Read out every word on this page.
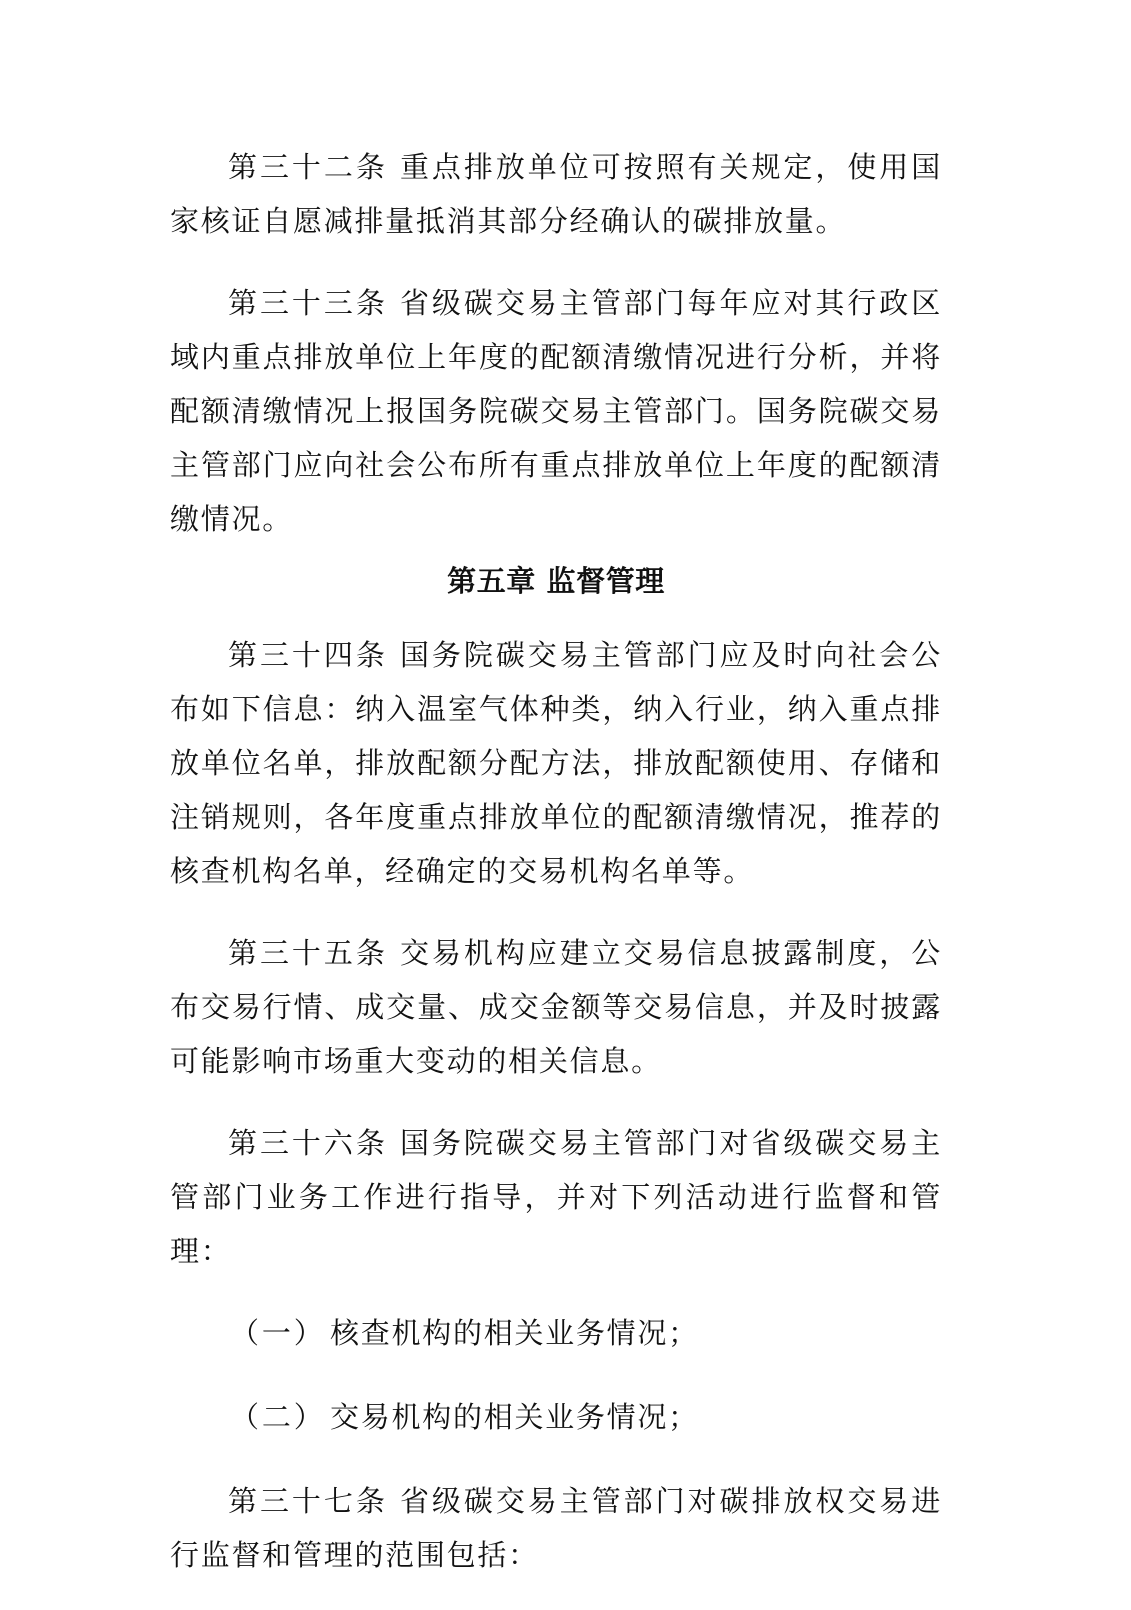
第三十二条 重点排放单位可按照有关规定，使用国家核证自愿减排量抵消其部分经确认的碳排放量。

第三十三条 省级碳交易主管部门每年应对其行政区域内重点排放单位上年度的配额清缴情况进行分析，并将配额清缴情况上报国务院碳交易主管部门。国务院碳交易主管部门应向社会公布所有重点排放单位上年度的配额清缴情况。

第五章 监督管理

第三十四条 国务院碳交易主管部门应及时向社会公布如下信息：纳入温室气体种类，纳入行业，纳入重点排放单位名单，排放配额分配方法，排放配额使用、存储和注销规则，各年度重点排放单位的配额清缴情况，推荐的核查机构名单，经确定的交易机构名单等。

第三十五条 交易机构应建立交易信息披露制度，公布交易行情、成交量、成交金额等交易信息，并及时披露可能影响市场重大变动的相关信息。

第三十六条 国务院碳交易主管部门对省级碳交易主管部门业务工作进行指导，并对下列活动进行监督和管理：

（一） 核查机构的相关业务情况；
（二） 交易机构的相关业务情况；

第三十七条 省级碳交易主管部门对碳排放权交易进行监督和管理的范围包括：
